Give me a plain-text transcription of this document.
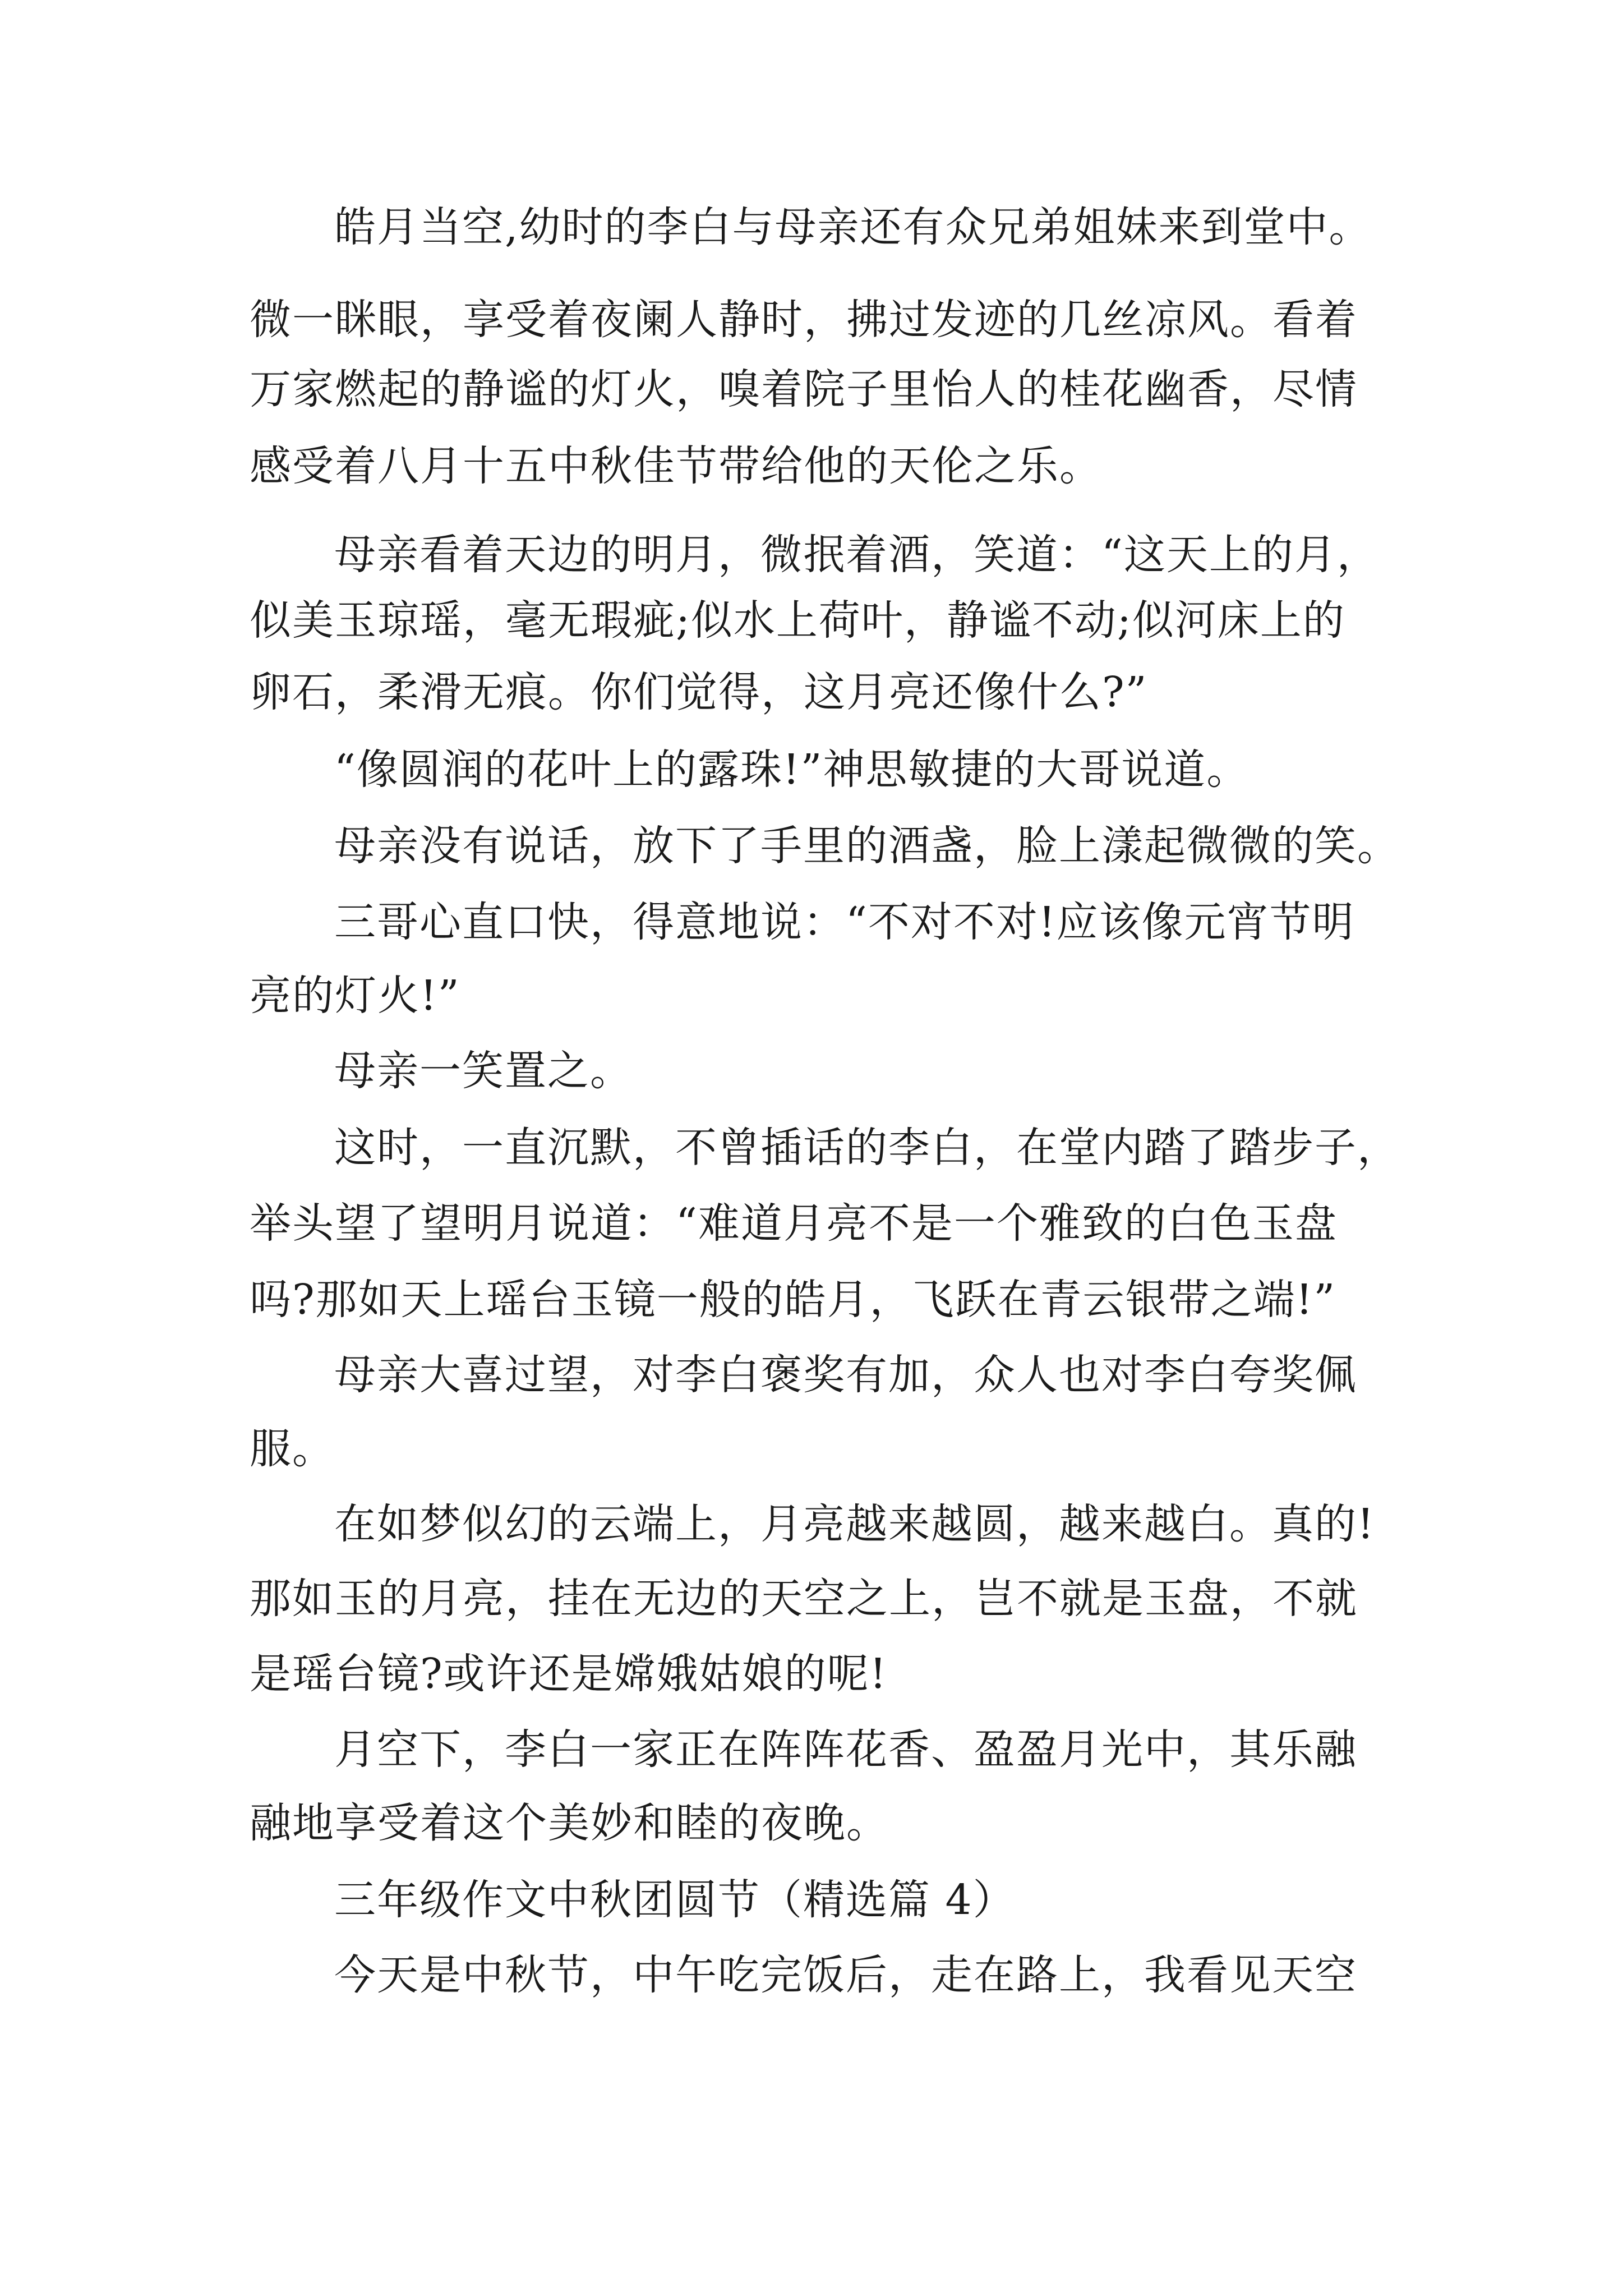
皓月当空,幼时的李白与母亲还有众兄弟姐妹来到堂中。

微一眯眼，享受着夜阑人静时，拂过发迹的几丝凉风。看着

万家燃起的静谧的灯火，嗅着院子里怡人的桂花幽香，尽情

感受着八月十五中秋佳节带给他的天伦之乐。

母亲看着天边的明月，微抿着酒，笑道：“这天上的月，

似美玉琼瑶，毫无瑕疵;似水上荷叶，静谧不动;似河床上的

卵石，柔滑无痕。你们觉得，这月亮还像什么?”

“像圆润的花叶上的露珠!”神思敏捷的大哥说道。

母亲没有说话，放下了手里的酒盏，脸上漾起微微的笑。

三哥心直口快，得意地说：“不对不对!应该像元宵节明

亮的灯火!”

母亲一笑置之。

这时，一直沉默，不曾插话的李白，在堂内踏了踏步子，

举头望了望明月说道：“难道月亮不是一个雅致的白色玉盘

吗?那如天上瑶台玉镜一般的皓月，飞跃在青云银带之端!”

母亲大喜过望，对李白褒奖有加，众人也对李白夸奖佩

服。

在如梦似幻的云端上，月亮越来越圆，越来越白。真的!

那如玉的月亮，挂在无边的天空之上，岂不就是玉盘，不就

是瑶台镜?或许还是嫦娥姑娘的呢!

月空下，李白一家正在阵阵花香、盈盈月光中，其乐融

融地享受着这个美妙和睦的夜晚。

三年级作文中秋团圆节（精选篇 4）

今天是中秋节，中午吃完饭后，走在路上，我看见天空
